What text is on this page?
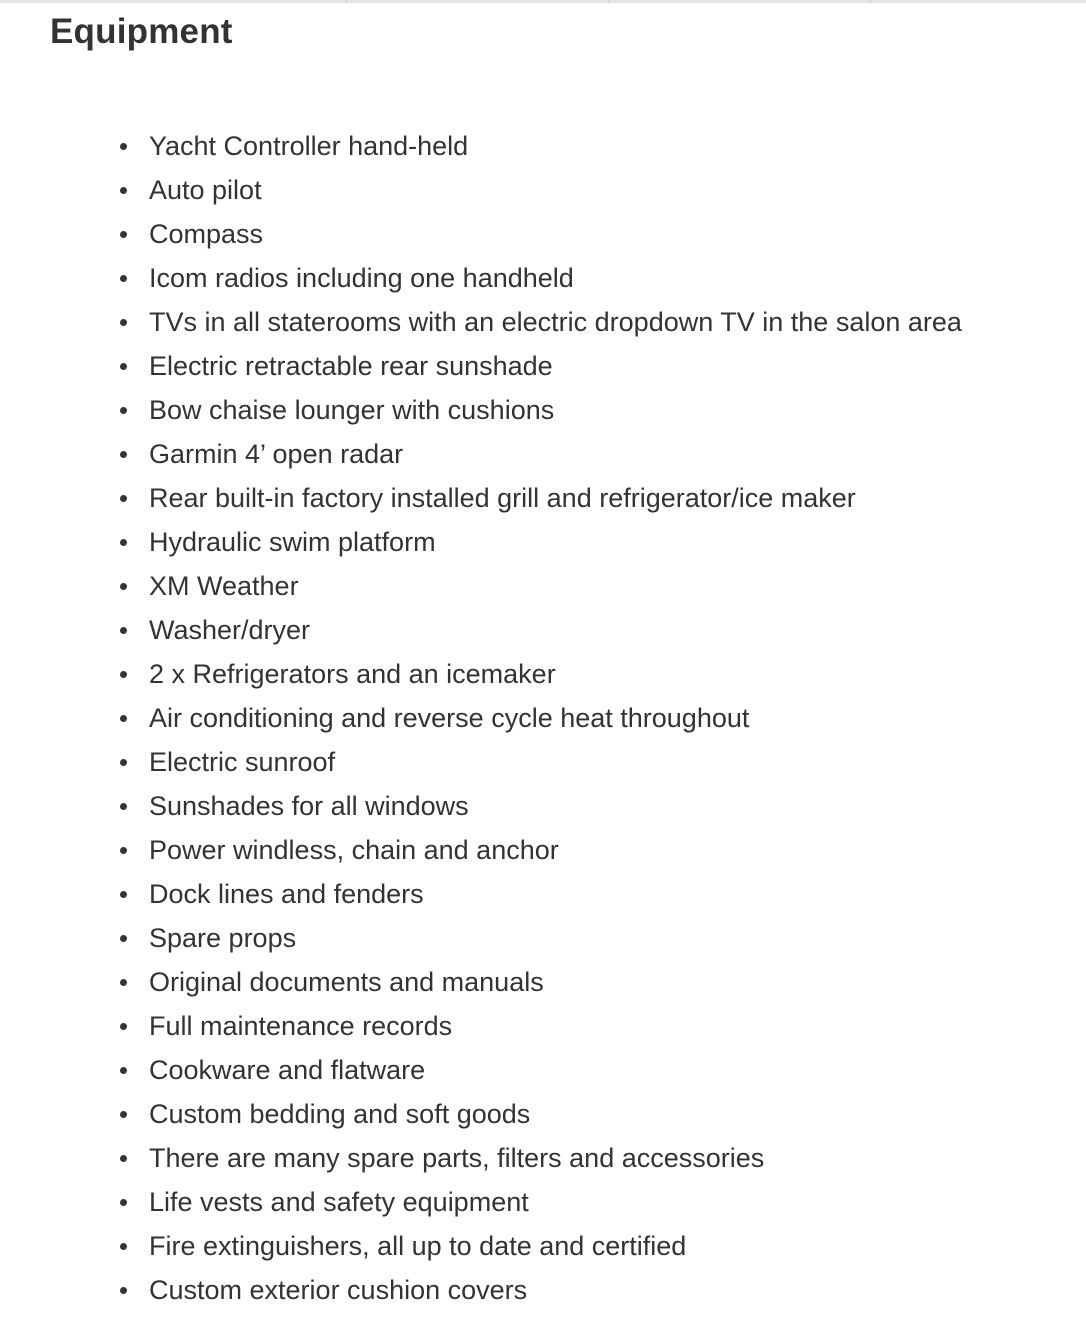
Equipment
Yacht Controller hand-held
Auto pilot
Compass
Icom radios including one handheld
TVs in all staterooms with an electric dropdown TV in the salon area
Electric retractable rear sunshade
Bow chaise lounger with cushions
Garmin 4’ open radar
Rear built-in factory installed grill and refrigerator/ice maker
Hydraulic swim platform
XM Weather
Washer/dryer
2 x Refrigerators and an icemaker
Air conditioning and reverse cycle heat throughout
Electric sunroof
Sunshades for all windows
Power windless, chain and anchor
Dock lines and fenders
Spare props
Original documents and manuals
Full maintenance records
Cookware and flatware
Custom bedding and soft goods
There are many spare parts, filters and accessories
Life vests and safety equipment
Fire extinguishers, all up to date and certified
Custom exterior cushion covers
